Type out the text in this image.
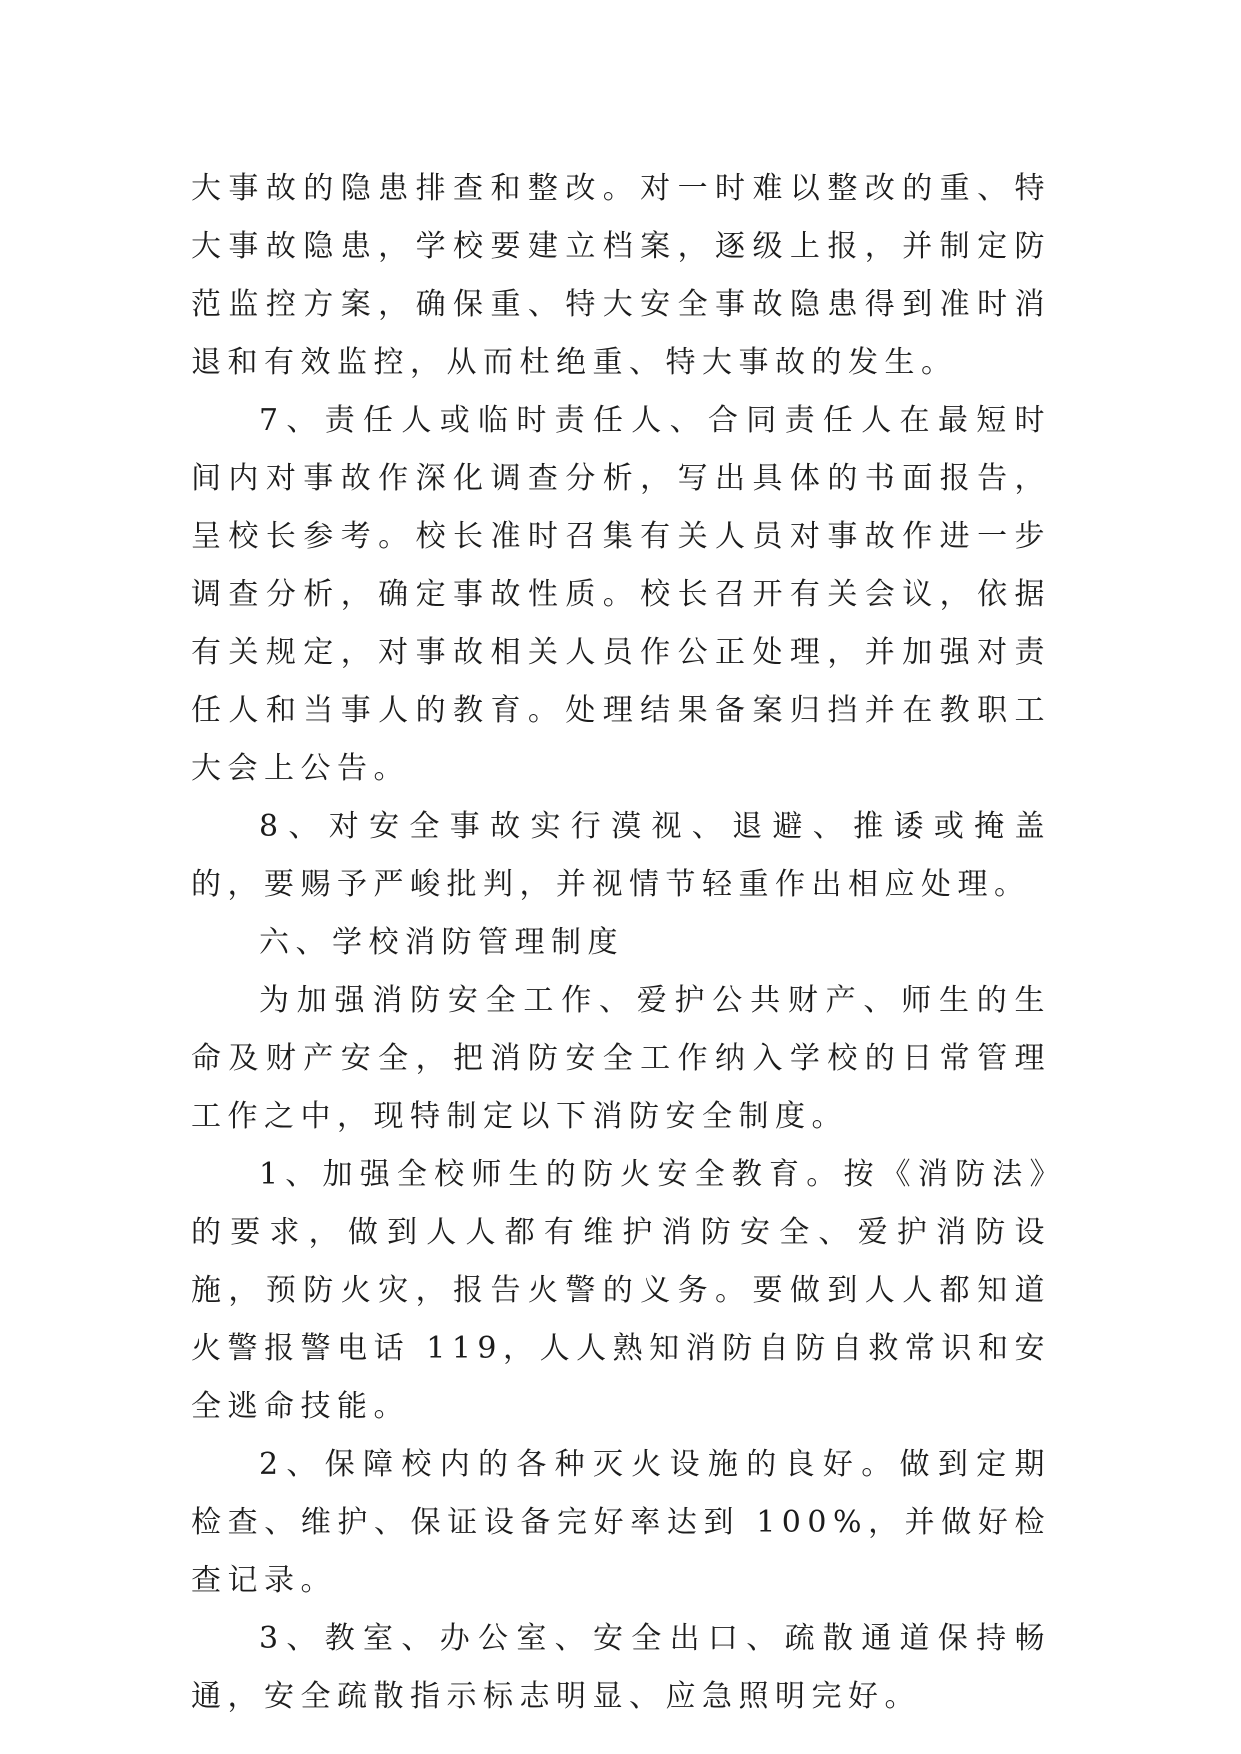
大事故的隐患排查和整改。对一时难以整改的重、特大事故隐患，学校要建立档案，逐级上报，并制定防范监控方案，确保重、特大安全事故隐患得到准时消退和有效监控，从而杜绝重、特大事故的发生。

7、责任人或临时责任人、合同责任人在最短时间内对事故作深化调查分析，写出具体的书面报告，呈校长参考。校长准时召集有关人员对事故作进一步调查分析，确定事故性质。校长召开有关会议，依据有关规定，对事故相关人员作公正处理，并加强对责任人和当事人的教育。处理结果备案归挡并在教职工大会上公告。

8、对安全事故实行漠视、退避、推诿或掩盖的，要赐予严峻批判，并视情节轻重作出相应处理。

六、学校消防管理制度

为加强消防安全工作、爱护公共财产、师生的生命及财产安全，把消防安全工作纳入学校的日常管理工作之中，现特制定以下消防安全制度。

1、加强全校师生的防火安全教育。按《消防法》的要求，做到人人都有维护消防安全、爱护消防设施，预防火灾，报告火警的义务。要做到人人都知道火警报警电话 119，人人熟知消防自防自救常识和安全逃命技能。

2、保障校内的各种灭火设施的良好。做到定期检查、维护、保证设备完好率达到 100%，并做好检查记录。

3、教室、办公室、安全出口、疏散通道保持畅通，安全疏散指示标志明显、应急照明完好。
